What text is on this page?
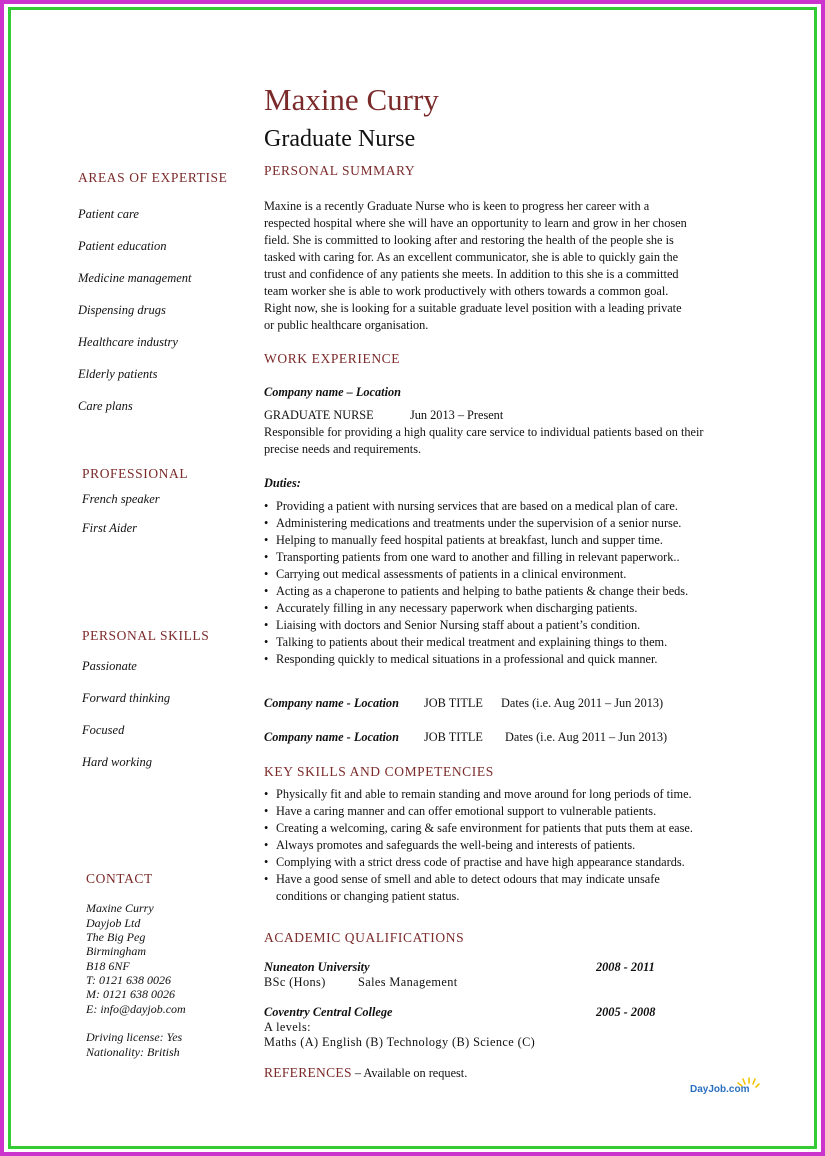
Maxine Curry
Graduate Nurse
AREAS OF EXPERTISE
Patient care
Patient education
Medicine management
Dispensing drugs
Healthcare industry
Elderly patients
Care plans
PROFESSIONAL
French speaker
First Aider
PERSONAL SKILLS
Passionate
Forward thinking
Focused
Hard working
CONTACT
Maxine Curry
Dayjob Ltd
The Big Peg
Birmingham
B18 6NF
T: 0121 638 0026
M: 0121 638 0026
E: info@dayjob.com
Driving license: Yes
Nationality: British
PERSONAL SUMMARY
Maxine is a recently Graduate Nurse who is keen to progress her career with a
respected hospital where she will have an opportunity to learn and grow in her chosen
field. She is committed to looking after and restoring the health of the people she is
tasked with caring for. As an excellent communicator, she is able to quickly gain the
trust and confidence of any patients she meets. In addition to this she is a committed
team worker she is able to work productively with others towards a common goal.
Right now, she is looking for a suitable graduate level position with a leading private
or public healthcare organisation.
WORK EXPERIENCE
Company name – Location
GRADUATE NURSE	Jun 2013 – Present
Responsible for providing a high quality care service to individual patients based on their
precise needs and requirements.
Duties:
• Providing a patient with nursing services that are based on a medical plan of care.
• Administering medications and treatments under the supervision of a senior nurse.
• Helping to manually feed hospital patients at breakfast, lunch and supper time.
• Transporting patients from one ward to another and filling in relevant paperwork..
• Carrying out medical assessments of patients in a clinical environment.
• Acting as a chaperone to patients and helping to bathe patients & change their beds.
• Accurately filling in any necessary paperwork when discharging patients.
• Liaising with doctors and Senior Nursing staff about a patient’s condition.
• Talking to patients about their medical treatment and explaining things to them.
• Responding quickly to medical situations in a professional and quick manner.
Company name - Location JOB TITLE Dates (i.e. Aug 2011 – Jun 2013)
Company name - Location JOB TITLE Dates (i.e. Aug 2011 – Jun 2013)
KEY SKILLS AND COMPETENCIES
• Physically fit and able to remain standing and move around for long periods of time.
• Have a caring manner and can offer emotional support to vulnerable patients.
• Creating a welcoming, caring & safe environment for patients that puts them at ease.
• Always promotes and safeguards the well-being and interests of patients.
• Complying with a strict dress code of practise and have high appearance standards.
• Have a good sense of smell and able to detect odours that may indicate unsafe conditions or changing patient status.
ACADEMIC QUALIFICATIONS
Nuneaton University	2008 - 2011
BSc (Hons)	Sales Management
Coventry Central College	2005 - 2008
A levels:
Maths (A) English (B) Technology (B) Science (C)
REFERENCES – Available on request.
DayJob.com
